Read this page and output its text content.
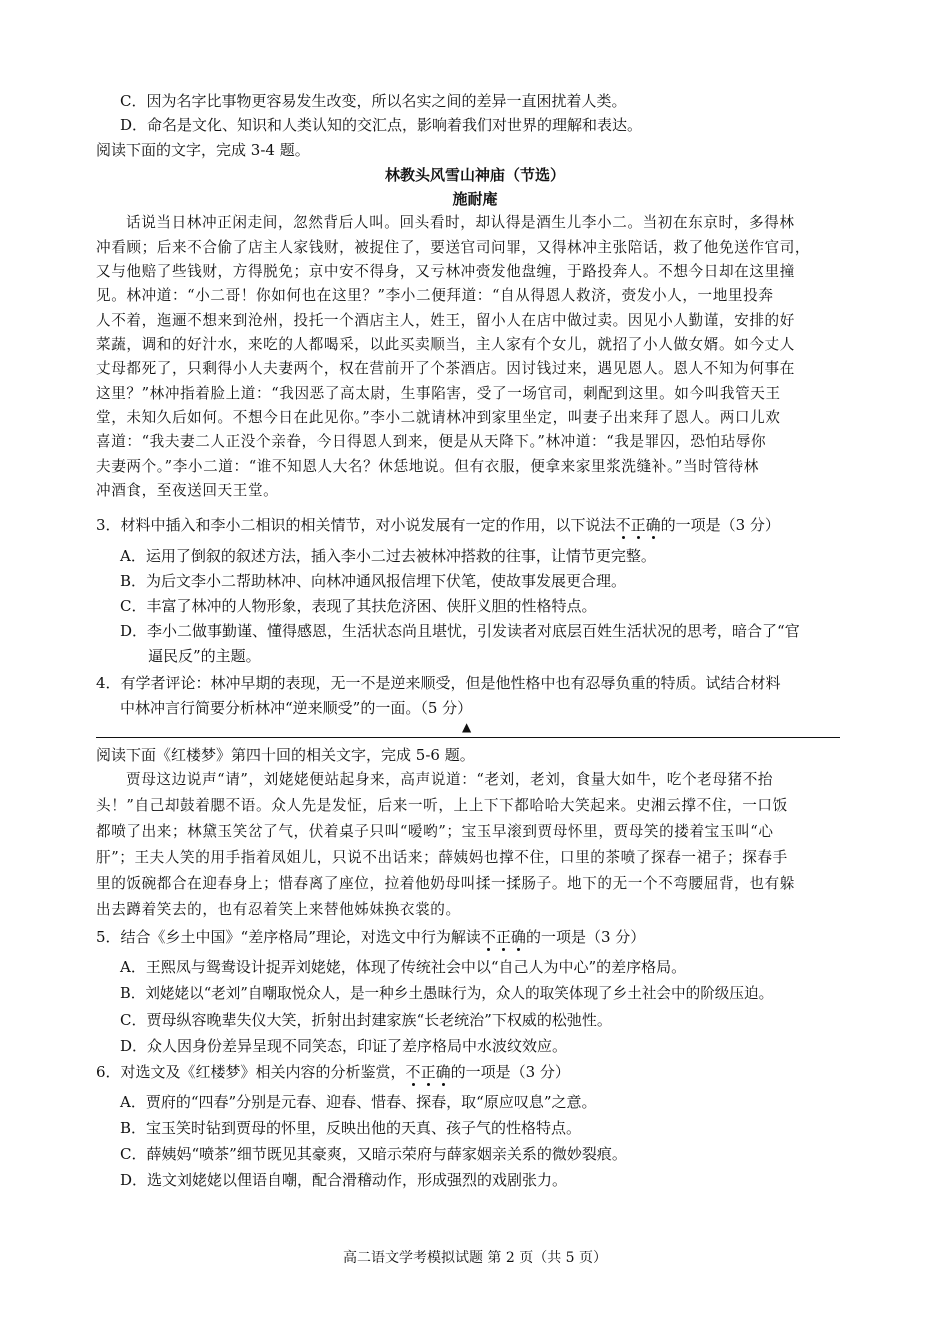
C．因为名字比事物更容易发生改变，所以名实之间的差异一直困扰着人类。
D．命名是文化、知识和人类认知的交汇点，影响着我们对世界的理解和表达。
阅读下面的文字，完成 3-4 题。
林教头风雪山神庙（节选）
施耐庵
话说当日林冲正闲走间，忽然背后人叫。回头看时，却认得是酒生儿李小二。当初在东京时，多得林
冲看顾；后来不合偷了店主人家钱财，被捉住了，要送官司问罪，又得林冲主张陪话，救了他免送作官司，
又与他赔了些钱财，方得脱免；京中安不得身，又亏林冲赍发他盘缠，于路投奔人。不想今日却在这里撞
见。林冲道：“小二哥！你如何也在这里？”李小二便拜道：“自从得恩人救济，赍发小人，一地里投奔
人不着，迤逦不想来到沧州，投托一个酒店主人，姓王，留小人在店中做过卖。因见小人勤谨，安排的好
菜蔬，调和的好汁水，来吃的人都喝采，以此买卖顺当，主人家有个女儿，就招了小人做女婿。如今丈人
丈母都死了，只剩得小人夫妻两个，权在营前开了个茶酒店。因讨钱过来，遇见恩人。恩人不知为何事在
这里？”林冲指着脸上道：“我因恶了高太尉，生事陷害，受了一场官司，刺配到这里。如今叫我管天王
堂，未知久后如何。不想今日在此见你。”李小二就请林冲到家里坐定，叫妻子出来拜了恩人。两口儿欢
喜道：“我夫妻二人正没个亲眷，今日得恩人到来，便是从天降下。”林冲道：“我是罪囚，恐怕玷辱你
夫妻两个。”李小二道：“谁不知恩人大名？休恁地说。但有衣服，便拿来家里浆洗缝补。”当时管待林
冲酒食，至夜送回天王堂。
3．材料中插入和李小二相识的相关情节，对小说发展有一定的作用，以下说法不正确的一项是（3 分）
A．运用了倒叙的叙述方法，插入李小二过去被林冲搭救的往事，让情节更完整。
B．为后文李小二帮助林冲、向林冲通风报信埋下伏笔，使故事发展更合理。
C．丰富了林冲的人物形象，表现了其扶危济困、侠肝义胆的性格特点。
D．李小二做事勤谨、懂得感恩，生活状态尚且堪忧，引发读者对底层百姓生活状况的思考，暗合了“官
逼民反”的主题。
4．有学者评论：林冲早期的表现，无一不是逆来顺受，但是他性格中也有忍辱负重的特质。试结合材料
中林冲言行简要分析林冲“逆来顺受”的一面。（5 分）
▲
阅读下面《红楼梦》第四十回的相关文字，完成 5-6 题。
贾母这边说声“请”，刘姥姥便站起身来，高声说道：“老刘，老刘，食量大如牛，吃个老母猪不抬
头！”自己却鼓着腮不语。众人先是发怔，后来一听，上上下下都哈哈大笑起来。史湘云撑不住，一口饭
都喷了出来；林黛玉笑岔了气，伏着桌子只叫“嗳哟”；宝玉早滚到贾母怀里，贾母笑的搂着宝玉叫“心
肝”；王夫人笑的用手指着凤姐儿，只说不出话来；薛姨妈也撑不住，口里的茶喷了探春一裙子；探春手
里的饭碗都合在迎春身上；惜春离了座位，拉着他奶母叫揉一揉肠子。地下的无一个不弯腰屈背，也有躲
出去蹲着笑去的，也有忍着笑上来替他姊妹换衣裳的。
5．结合《乡土中国》“差序格局”理论，对选文中行为解读不正确的一项是（3 分）
A．王熙凤与鸳鸯设计捉弄刘姥姥，体现了传统社会中以“自己人为中心”的差序格局。
B．刘姥姥以“老刘”自嘲取悦众人，是一种乡土愚昧行为，众人的取笑体现了乡土社会中的阶级压迫。
C．贾母纵容晚辈失仪大笑，折射出封建家族“长老统治”下权威的松弛性。
D．众人因身份差异呈现不同笑态，印证了差序格局中水波纹效应。
6．对选文及《红楼梦》相关内容的分析鉴赏，不正确的一项是（3 分）
A．贾府的“四春”分别是元春、迎春、惜春、探春，取“原应叹息”之意。
B．宝玉笑时钻到贾母的怀里，反映出他的天真、孩子气的性格特点。
C．薛姨妈“喷茶”细节既见其豪爽，又暗示荣府与薛家姻亲关系的微妙裂痕。
D．选文刘姥姥以俚语自嘲，配合滑稽动作，形成强烈的戏剧张力。
高二语文学考模拟试题 第 2 页（共 5 页）
